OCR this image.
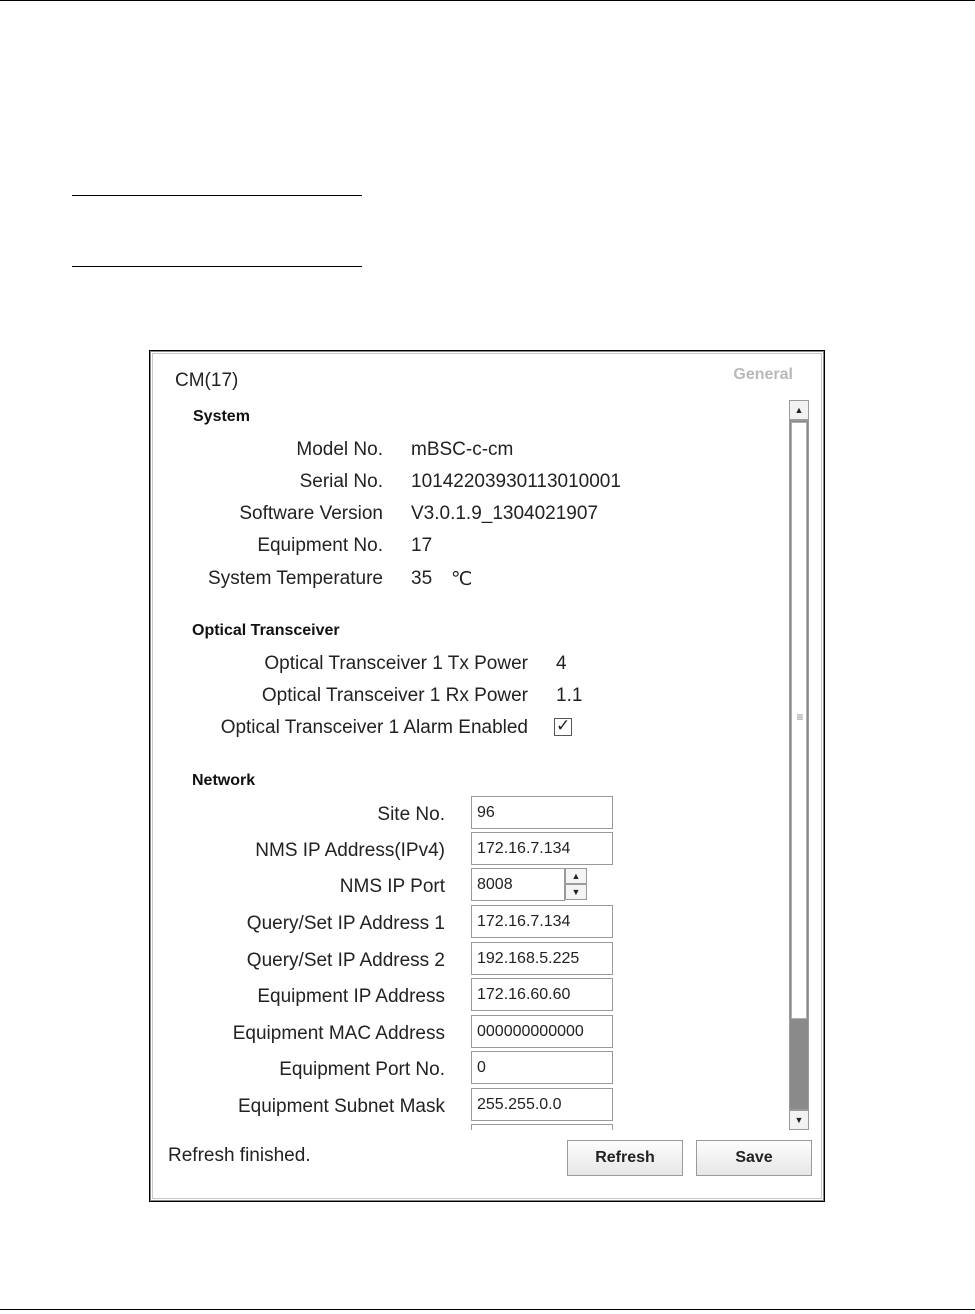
CM(17)	General
System
Model No. mBSC-c-cm
Serial No. 10142203930113010001
Software Version V3.0.1.9_1304021907
Equipment No. 17
System Temperature 35 ℃
Optical Transceiver
Optical Transceiver 1 Tx Power 4
Optical Transceiver 1 Rx Power 1.1
Optical Transceiver 1 Alarm Enabled ✓
Network
Site No.
96
NMS IP Address(IPv4)
172.16.7.134
NMS IP Port
8008	▲
▼
Query/Set IP Address 1
172.16.7.134
Query/Set IP Address 2
192.168.5.225
Equipment IP Address
172.16.60.60
Equipment MAC Address
000000000000
Equipment Port No.
0
Equipment Subnet Mask
255.255.0.0
▲
≡
▼
Refresh finished.	Refresh	Save
